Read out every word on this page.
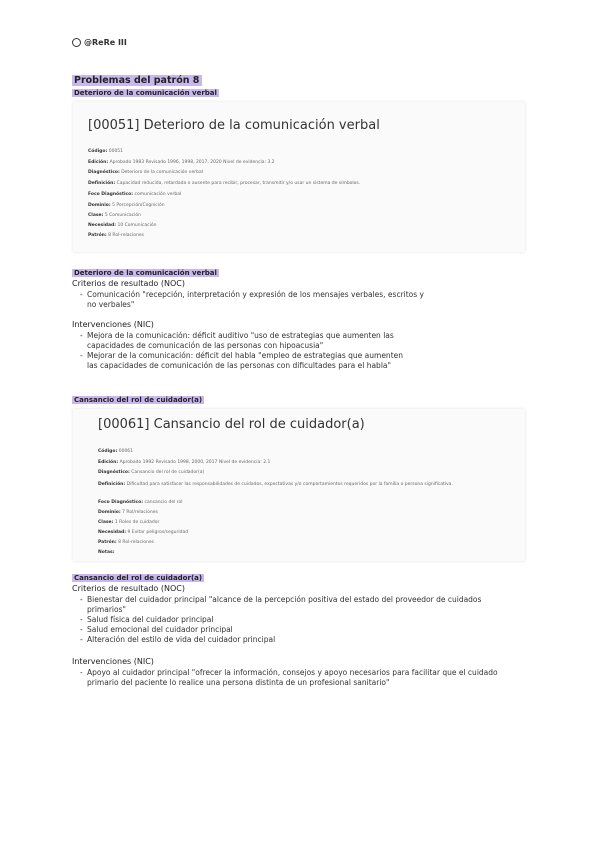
@ReRe III
Problemas del patrón 8
Deterioro de la comunicación verbal
[00051] Deterioro de la comunicación verbal
Código: 00051
Edición: Aprobado 1983 Revisado 1996, 1998, 2017, 2020 Nivel de evidencia: 3.2
Diagnóstico: Deterioro de la comunicación verbal
Definición: Capacidad reducida, retardada o ausente para recibir, procesar, transmitir y/o usar un sistema de símbolos.
Foco Diagnóstico: comunicación verbal
Dominio: 5 Percepción/Cognición
Clase: 5 Comunicación
Necesidad: 10 Comunicación
Patrón: 8 Rol-relaciones
Deterioro de la comunicación verbal
Criterios de resultado (NOC)
- Comunicación "recepción, interpretación y expresión de los mensajes verbales, escritos y no verbales"
Intervenciones (NIC)
- Mejora de la comunicación: déficit auditivo "uso de estrategias que aumenten las capacidades de comunicación de las personas con hipoacusia"
- Mejorar de la comunicación: déficit del habla "empleo de estrategias que aumenten las capacidades de comunicación de las personas con dificultades para el habla"
Cansancio del rol de cuidador(a)
[00061] Cansancio del rol de cuidador(a)
Código: 00061
Edición: Aprobado 1992 Revisado 1998, 2000, 2017 Nivel de evidencia: 2.1
Diagnóstico: Cansancio del rol de cuidador(a)
Definición: Dificultad para satisfacer las responsabilidades de cuidados, expectativas y/o comportamientos requeridos por la familia o persona significativa.
Foco Diagnóstico: cansancio del rol
Dominio: 7 Rol/relaciones
Clase: 1 Roles de cuidador
Necesidad: 9 Evitar peligros/seguridad
Patrón: 8 Rol-relaciones
Notas:
Cansancio del rol de cuidador(a)
Criterios de resultado (NOC)
- Bienestar del cuidador principal "alcance de la percepción positiva del estado del proveedor de cuidados primarios"
- Salud física del cuidador principal
- Salud emocional del cuidador principal
- Alteración del estilo de vida del cuidador principal
Intervenciones (NIC)
- Apoyo al cuidador principal "ofrecer la información, consejos y apoyo necesarios para facilitar que el cuidado primario del paciente lo realice una persona distinta de un profesional sanitario"
